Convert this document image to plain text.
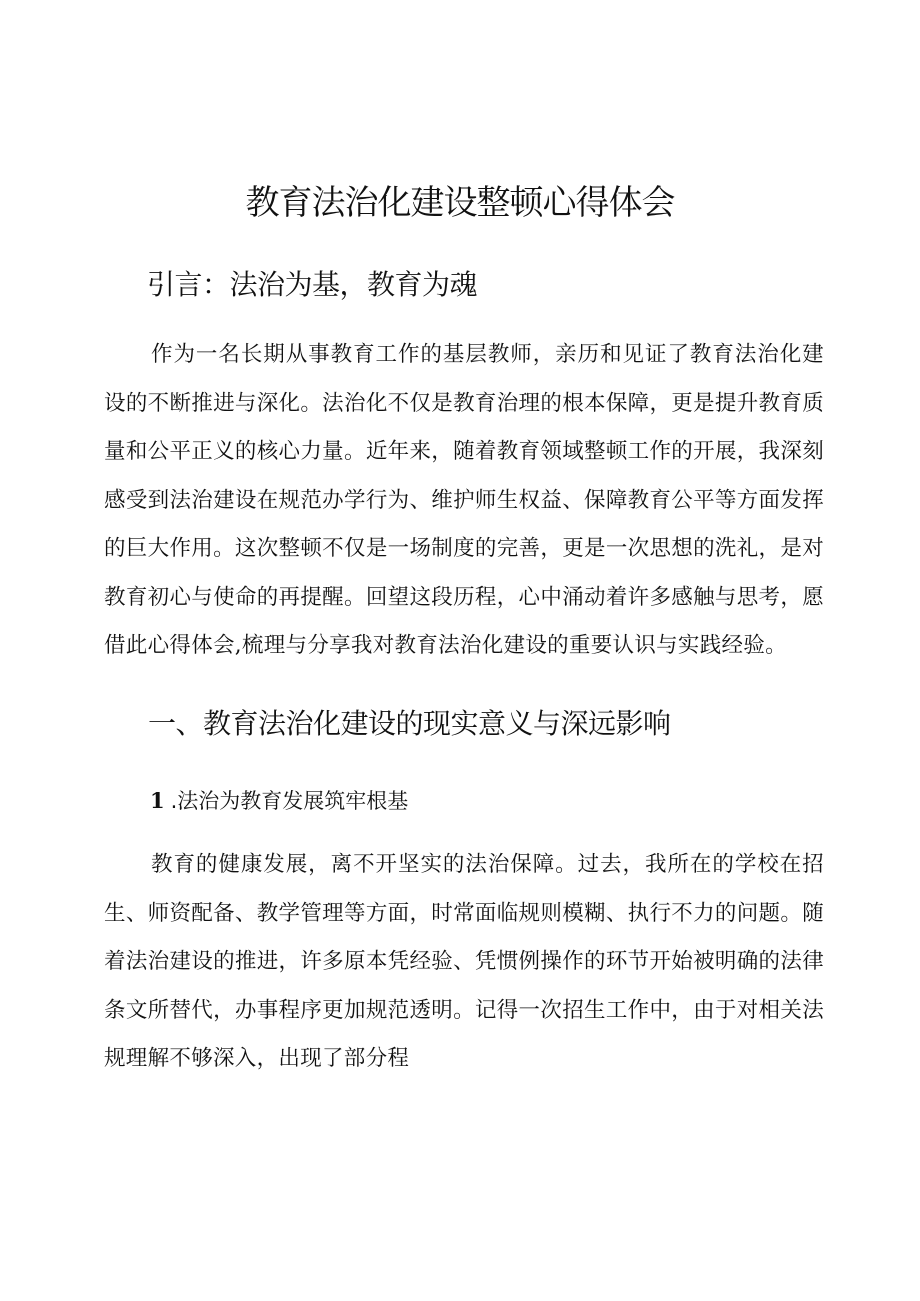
教育法治化建设整顿心得体会
引言：法治为基，教育为魂

作为一名长期从事教育工作的基层教师，亲历和见证了教育法治化建设的不断推进与深化。法治化不仅是教育治理的根本保障，更是提升教育质量和公平正义的核心力量。近年来，随着教育领域整顿工作的开展，我深刻感受到法治建设在规范办学行为、维护师生权益、保障教育公平等方面发挥的巨大作用。这次整顿不仅是一场制度的完善，更是一次思想的洗礼，是对教育初心与使命的再提醒。回望这段历程，心中涌动着许多感触与思考，愿借此心得体会,梳理与分享我对教育法治化建设的重要认识与实践经验。

一、教育法治化建设的现实意义与深远影响
1 .法治为教育发展筑牢根基

教育的健康发展，离不开坚实的法治保障。过去，我所在的学校在招生、师资配备、教学管理等方面，时常面临规则模糊、执行不力的问题。随着法治建设的推进，许多原本凭经验、凭惯例操作的环节开始被明确的法律条文所替代，办事程序更加规范透明。记得一次招生工作中，由于对相关法规理解不够深入，出现了部分程
